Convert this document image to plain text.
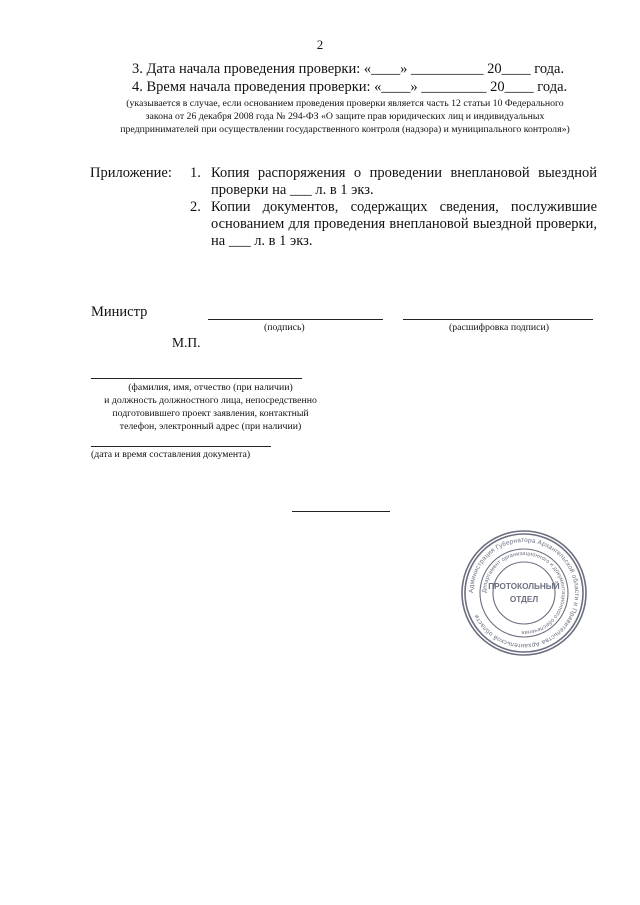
2
3. Дата начала проведения проверки: «____» __________ 20____ года.
4. Время начала проведения проверки: «____» _________ 20____ года.
(указывается в случае, если основанием проведения проверки является часть 12 статьи 10 Федерального
закона от 26 декабря 2008 года № 294-ФЗ «О защите прав юридических лиц и индивидуальных
предпринимателей при осуществлении государственного контроля (надзора) и муниципального контроля»)
Приложение: 1. Копия распоряжения о проведении внеплановой выездной
проверки на ___ л. в 1 экз.
2. Копии документов, содержащих сведения, послужившие
основанием для проведения внеплановой выездной проверки,
на ___ л. в 1 экз.
Министр
(подпись)	(расшифровка подписи)
М.П.
(фамилия, имя, отчество (при наличии)
и должность должностного лица, непосредственно
подготовившего проект заявления, контактный
телефон, электронный адрес (при наличии)
(дата и время составления документа)
Администрация Губернатора Архангельской области и Правительства Архангельской области
Департамент организационного и документационного обеспечения
ПРОТОКОЛЬНЫЙ
ОТДЕЛ
